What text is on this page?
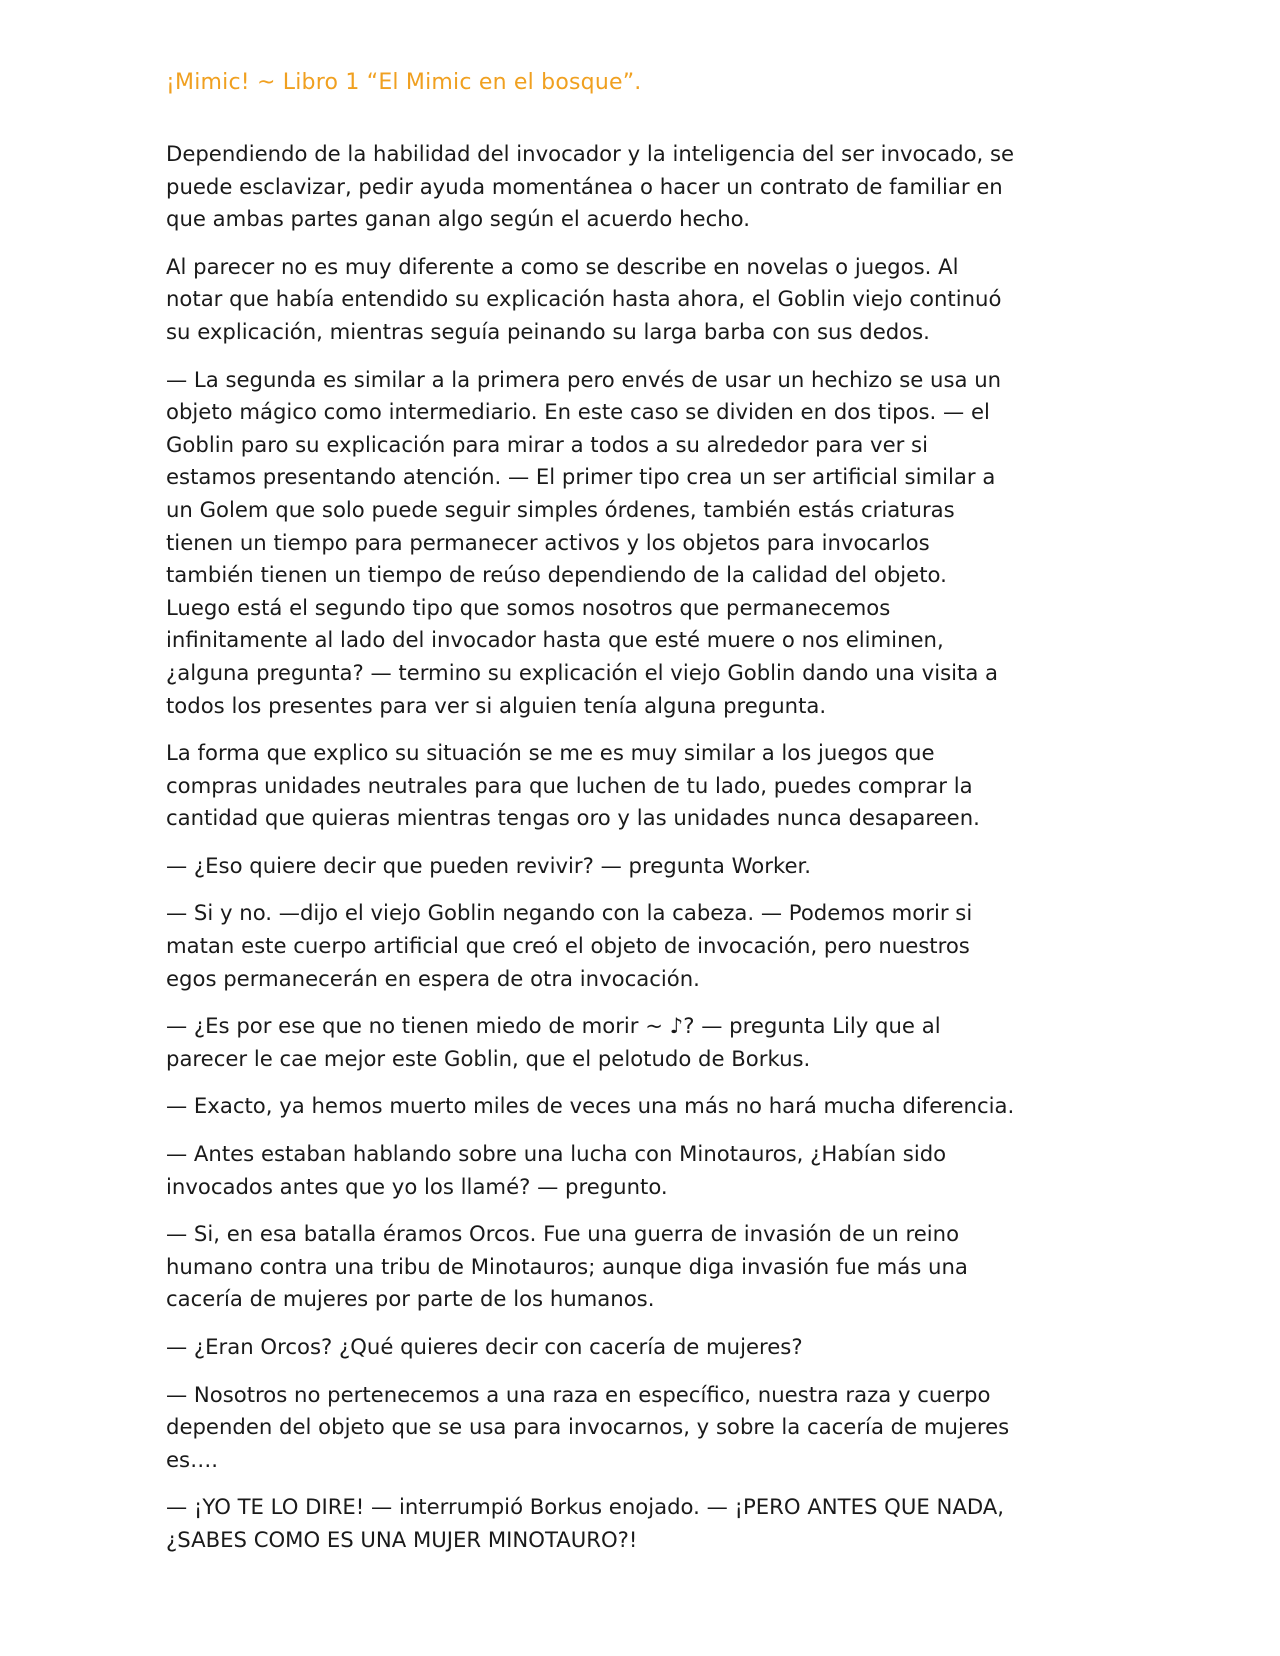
¡Mimic! ~ Libro 1 “El Mimic en el bosque”.

Dependiendo de la habilidad del invocador y la inteligencia del ser invocado, se puede esclavizar, pedir ayuda momentánea o hacer un contrato de familiar en que ambas partes ganan algo según el acuerdo hecho.

Al parecer no es muy diferente a como se describe en novelas o juegos. Al notar que había entendido su explicación hasta ahora, el Goblin viejo continuó su explicación, mientras seguía peinando su larga barba con sus dedos.

— La segunda es similar a la primera pero envés de usar un hechizo se usa un objeto mágico como intermediario. En este caso se dividen en dos tipos. — el Goblin paro su explicación para mirar a todos a su alrededor para ver si estamos presentando atención. — El primer tipo crea un ser artificial similar a un Golem que solo puede seguir simples órdenes, también estás criaturas tienen un tiempo para permanecer activos y los objetos para invocarlos también tienen un tiempo de reúso dependiendo de la calidad del objeto. Luego está el segundo tipo que somos nosotros que permanecemos infinitamente al lado del invocador hasta que esté muere o nos eliminen, ¿alguna pregunta? — termino su explicación el viejo Goblin dando una visita a todos los presentes para ver si alguien tenía alguna pregunta.

La forma que explico su situación se me es muy similar a los juegos que compras unidades neutrales para que luchen de tu lado, puedes comprar la cantidad que quieras mientras tengas oro y las unidades nunca desapareen.

— ¿Eso quiere decir que pueden revivir? — pregunta Worker.

— Si y no. —dijo el viejo Goblin negando con la cabeza. — Podemos morir si matan este cuerpo artificial que creó el objeto de invocación, pero nuestros egos permanecerán en espera de otra invocación.

— ¿Es por ese que no tienen miedo de morir ~ ♪? — pregunta Lily que al parecer le cae mejor este Goblin, que el pelotudo de Borkus.

— Exacto, ya hemos muerto miles de veces una más no hará mucha diferencia.

— Antes estaban hablando sobre una lucha con Minotauros, ¿Habían sido invocados antes que yo los llamé? — pregunto.

— Si, en esa batalla éramos Orcos. Fue una guerra de invasión de un reino humano contra una tribu de Minotauros; aunque diga invasión fue más una cacería de mujeres por parte de los humanos.

— ¿Eran Orcos? ¿Qué quieres decir con cacería de mujeres?

— Nosotros no pertenecemos a una raza en específico, nuestra raza y cuerpo dependen del objeto que se usa para invocarnos, y sobre la cacería de mujeres es….

— ¡YO TE LO DIRE! — interrumpió Borkus enojado. — ¡PERO ANTES QUE NADA, ¿SABES COMO ES UNA MUJER MINOTAURO?!
